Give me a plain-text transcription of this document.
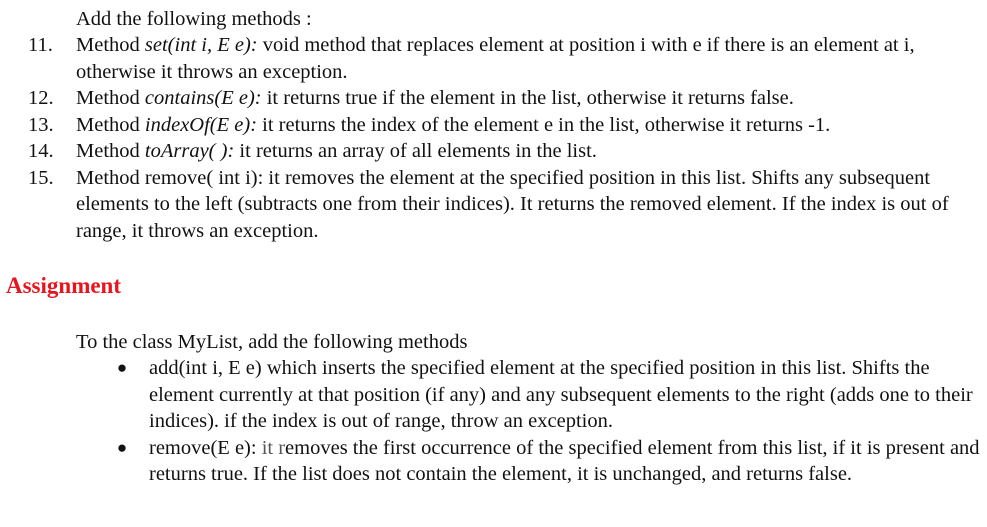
Add the following methods :
11.	Method set(int i, E e): void method that replaces element at position i with e if there is an element at i, otherwise it throws an exception.
12.	Method contains(E e): it returns true if the element in the list, otherwise it returns false.
13.	Method indexOf(E e): it returns the index of the element e in the list, otherwise it returns -1.
14.	Method toArray( ): it returns an array of all elements in the list.
15.	Method remove( int i): it removes the element at the specified position in this list. Shifts any subsequent elements to the left (subtracts one from their indices). It returns the removed element. If the index is out of range, it throws an exception.
Assignment
To the class MyList, add the following methods
● add(int i, E e) which inserts the specified element at the specified position in this list. Shifts the element currently at that position (if any) and any subsequent elements to the right (adds one to their indices). if the index is out of range, throw an exception.
● remove(E e): it removes the first occurrence of the specified element from this list, if it is present and returns true. If the list does not contain the element, it is unchanged, and returns false.
